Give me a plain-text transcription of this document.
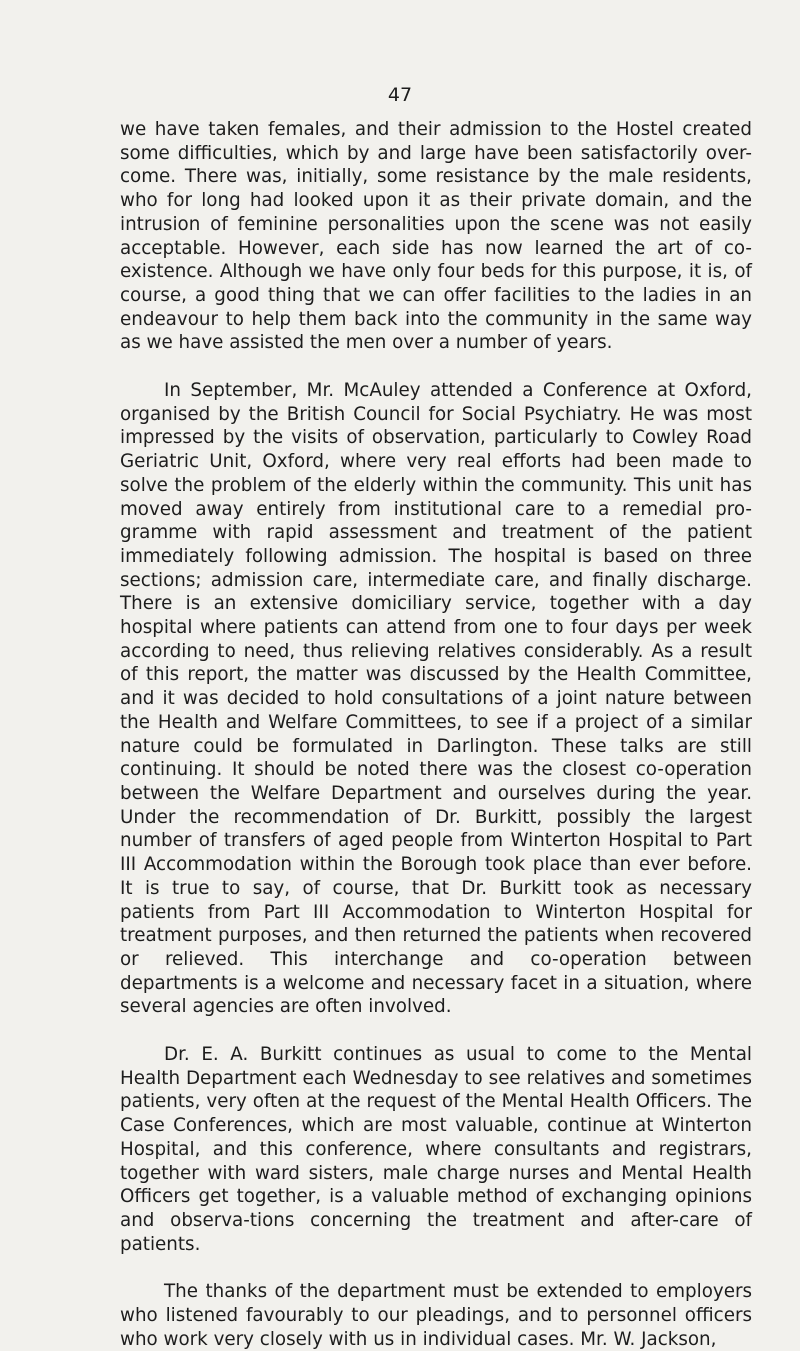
47

we have taken females, and their admission to the Hostel created some difficulties, which by and large have been satisfactorily over-come. There was, initially, some resistance by the male residents, who for long had looked upon it as their private domain, and the intrusion of feminine personalities upon the scene was not easily acceptable. However, each side has now learned the art of co-existence. Although we have only four beds for this purpose, it is, of course, a good thing that we can offer facilities to the ladies in an endeavour to help them back into the community in the same way as we have assisted the men over a number of years.

In September, Mr. McAuley attended a Conference at Oxford, organised by the British Council for Social Psychiatry. He was most impressed by the visits of observation, particularly to Cowley Road Geriatric Unit, Oxford, where very real efforts had been made to solve the problem of the elderly within the community. This unit has moved away entirely from institutional care to a remedial pro-gramme with rapid assessment and treatment of the patient immediately following admission. The hospital is based on three sections; admission care, intermediate care, and finally discharge. There is an extensive domiciliary service, together with a day hospital where patients can attend from one to four days per week according to need, thus relieving relatives considerably. As a result of this report, the matter was discussed by the Health Committee, and it was decided to hold consultations of a joint nature between the Health and Welfare Committees, to see if a project of a similar nature could be formulated in Darlington. These talks are still continuing. It should be noted there was the closest co-operation between the Welfare Department and ourselves during the year. Under the recommendation of Dr. Burkitt, possibly the largest number of transfers of aged people from Winterton Hospital to Part III Accommodation within the Borough took place than ever before. It is true to say, of course, that Dr. Burkitt took as necessary patients from Part III Accommodation to Winterton Hospital for treatment purposes, and then returned the patients when recovered or relieved. This interchange and co-operation between departments is a welcome and necessary facet in a situation, where several agencies are often involved.

Dr. E. A. Burkitt continues as usual to come to the Mental Health Department each Wednesday to see relatives and sometimes patients, very often at the request of the Mental Health Officers. The Case Conferences, which are most valuable, continue at Winterton Hospital, and this conference, where consultants and registrars, together with ward sisters, male charge nurses and Mental Health Officers get together, is a valuable method of exchanging opinions and observa-tions concerning the treatment and after-care of patients.

The thanks of the department must be extended to employers who listened favourably to our pleadings, and to personnel officers who work very closely with us in individual cases. Mr. W. Jackson,
